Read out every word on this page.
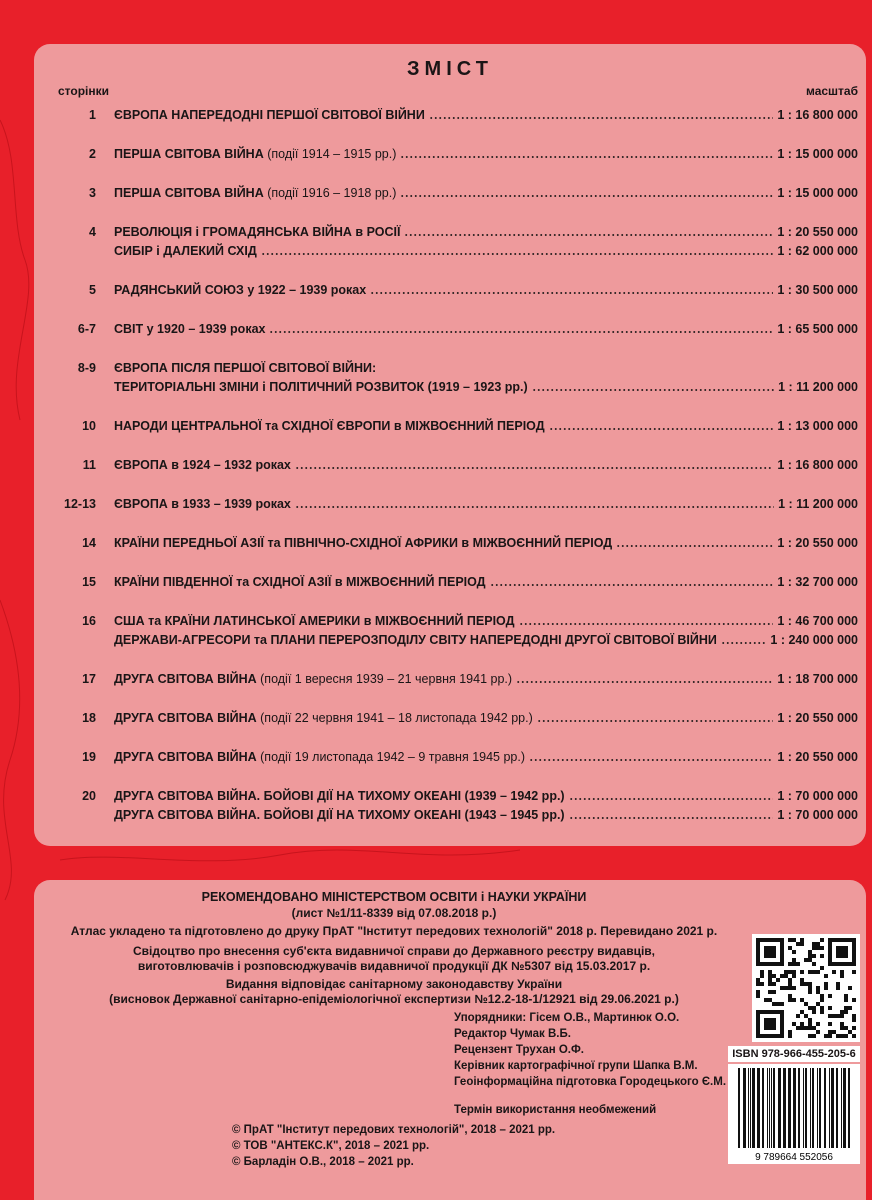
ЗМІСТ
сторінки	масштаб
1 ЄВРОПА НАПЕРЕДОДНІ ПЕРШОЇ СВІТОВОЇ ВІЙНИ	1 : 16 800 000
2 ПЕРША СВІТОВА ВІЙНА (події 1914 – 1915 рр.)	1 : 15 000 000
3 ПЕРША СВІТОВА ВІЙНА (події 1916 – 1918 рр.)	1 : 15 000 000
4 РЕВОЛЮЦІЯ і ГРОМАДЯНСЬКА ВІЙНА в РОСІЇ	1 : 20 550 000
СИБІР і ДАЛЕКИЙ СХІД	1 : 62 000 000
5 РАДЯНСЬКИЙ СОЮЗ у 1922 – 1939 роках	1 : 30 500 000
6-7 СВІТ у 1920 – 1939 роках	1 : 65 500 000
8-9 ЄВРОПА ПІСЛЯ ПЕРШОЇ СВІТОВОЇ ВІЙНИ:
ТЕРИТОРІАЛЬНІ ЗМІНИ і ПОЛІТИЧНИЙ РОЗВИТОК (1919 – 1923 рр.)	1 : 11 200 000
10 НАРОДИ ЦЕНТРАЛЬНОЇ та СХІДНОЇ ЄВРОПИ в МІЖВОЄННИЙ ПЕРІОД	1 : 13 000 000
11 ЄВРОПА в 1924 – 1932 роках	1 : 16 800 000
12-13 ЄВРОПА в 1933 – 1939 роках	1 : 11 200 000
14 КРАЇНИ ПЕРЕДНЬОЇ АЗІЇ та ПІВНІЧНО-СХІДНОЇ АФРИКИ в МІЖВОЄННИЙ ПЕРІОД	1 : 20 550 000
15 КРАЇНИ ПІВДЕННОЇ та СХІДНОЇ АЗІЇ в МІЖВОЄННИЙ ПЕРІОД	1 : 32 700 000
16 США та КРАЇНИ ЛАТИНСЬКОЇ АМЕРИКИ в МІЖВОЄННИЙ ПЕРІОД	1 : 46 700 000
ДЕРЖАВИ-АГРЕСОРИ та ПЛАНИ ПЕРЕРОЗПОДІЛУ СВІТУ НАПЕРЕДОДНІ ДРУГОЇ СВІТОВОЇ ВІЙНИ	1 : 240 000 000
17 ДРУГА СВІТОВА ВІЙНА (події 1 вересня 1939 – 21 червня 1941 рр.)	1 : 18 700 000
18 ДРУГА СВІТОВА ВІЙНА (події 22 червня 1941 – 18 листопада 1942 рр.)	1 : 20 550 000
19 ДРУГА СВІТОВА ВІЙНА (події 19 листопада 1942 – 9 травня 1945 рр.)	1 : 20 550 000
20 ДРУГА СВІТОВА ВІЙНА. БОЙОВІ ДІЇ НА ТИХОМУ ОКЕАНІ (1939 – 1942 рр.)	1 : 70 000 000
ДРУГА СВІТОВА ВІЙНА. БОЙОВІ ДІЇ НА ТИХОМУ ОКЕАНІ (1943 – 1945 рр.)	1 : 70 000 000
РЕКОМЕНДОВАНО МІНІСТЕРСТВОМ ОСВІТИ і НАУКИ УКРАЇНИ
(лист №1/11-8339 від 07.08.2018 р.)
Атлас укладено та підготовлено до друку ПрАТ "Інститут передових технологій" 2018 р. Перевидано 2021 р.
Свідоцтво про внесення суб'єкта видавничої справи до Державного реєстру видавців,
виготовлювачів і розповсюджувачів видавничої продукції ДК №5307 від 15.03.2017 р.
Видання відповідає санітарному законодавству України
(висновок Державної санітарно-епідеміологічної експертизи №12.2-18-1/12921 від 29.06.2021 р.)
Упорядники: Гісем О.В., Мартинюк О.О.
Редактор Чумак В.Б.
Рецензент Трухан О.Ф.
Керівник картографічної групи Шапка В.М.
Геоінформаційна підготовка Городецького Є.М.
Термін використання необмежений
© ПрАТ "Інститут передових технологій", 2018 – 2021 рр.
© ТОВ "АНТЕКС.К", 2018 – 2021 рр.
© Барладін О.В., 2018 – 2021 рр.
ISBN 978-966-455-205-6
9 789664 552056
